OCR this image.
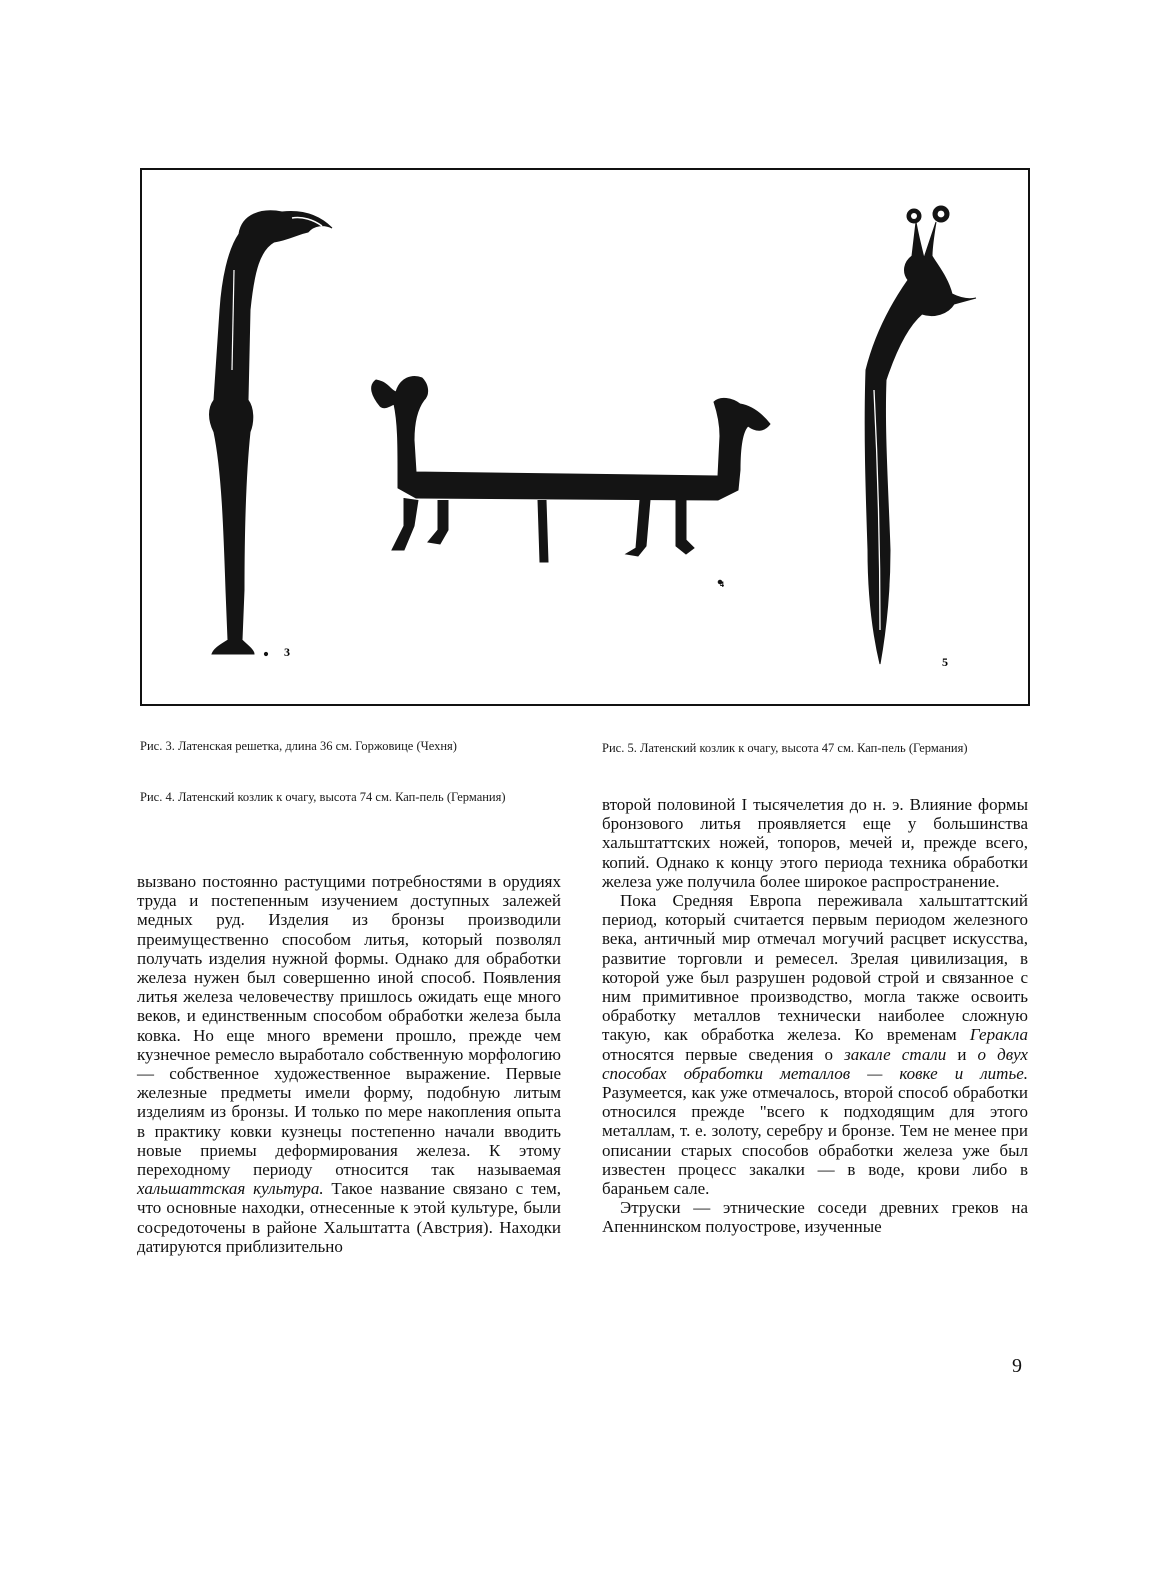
3
4
5
Рис. 3. Латенская решетка, длина 36 см. Горжовице (Чехня)
Рис. 4. Латенский козлик к очагу, высота 74 см. Кап-пель (Германия)
Рис. 5. Латенский козлик к очагу, высота 47 см. Кап-пель (Германия)

вызвано постоянно растущими потребностями в орудиях труда и постепенным изучением доступных залежей медных руд. Изделия из бронзы производили преимущественно способом литья, который позволял получать изделия нужной формы. Однако для обработки железа нужен был совершенно иной способ. Появления литья железа человечеству пришлось ожидать еще много веков, и единственным способом обработки железа была ковка. Но еще много времени прошло, прежде чем кузнечное ремесло выработало собственную морфологию — собственное художественное выражение. Первые железные предметы имели форму, подобную литым изделиям из бронзы. И только по мере накопления опыта в практику ковки кузнецы постепенно начали вводить новые приемы деформирования железа. К этому переходному периоду относится так называемая хальшаттская культура. Такое название связано с тем, что основные находки, отнесенные к этой культуре, были сосредоточены в районе Хальштатта (Австрия). Находки датируются приблизительно

второй половиной I тысячелетия до н. э. Влияние формы бронзового литья проявляется еще у большинства хальштаттских ножей, топоров, мечей и, прежде всего, копий. Однако к концу этого периода техника обработки железа уже получила более широкое распространение.

Пока Средняя Европа переживала хальштаттский период, который считается первым периодом железного века, античный мир отмечал могучий расцвет искусства, развитие торговли и ремесел. Зрелая цивилизация, в которой уже был разрушен родовой строй и связанное с ним примитивное производство, могла также освоить обработку металлов технически наиболее сложную такую, как обработка железа. Ко временам Геракла относятся первые сведения о закале стали и о двух способах обработки металлов — ковке и литье. Разумеется, как уже отмечалось, второй способ обработки относился прежде "всего к подходящим для этого металлам, т. е. золоту, серебру и бронзе. Тем не менее при описании старых способов обработки железа уже был известен процесс закалки — в воде, крови либо в бараньем сале.

Этруски — этнические соседи древних греков на Апеннинском полуострове, изученные

9
